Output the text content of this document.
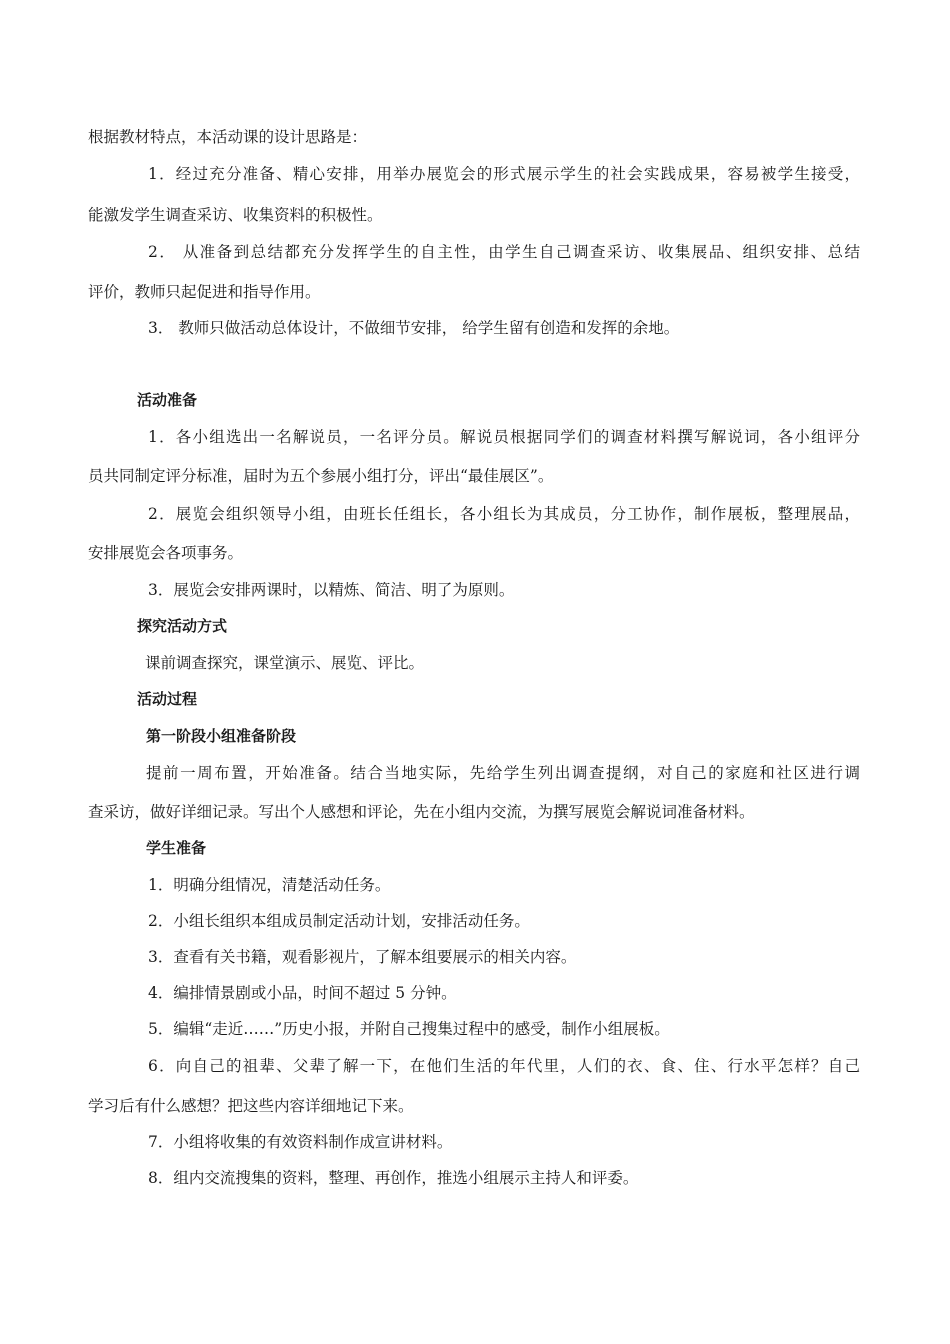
根据教材特点，本活动课的设计思路是：
1．经过充分准备、精心安排，用举办展览会的形式展示学生的社会实践成果，容易被学生接受，
能激发学生调查采访、收集资料的积极性。
2． 从准备到总结都充分发挥学生的自主性，由学生自己调查采访、收集展品、组织安排、总结
评价，教师只起促进和指导作用。
3． 教师只做活动总体设计，不做细节安排， 给学生留有创造和发挥的余地。
活动准备
1．各小组选出一名解说员，一名评分员。解说员根据同学们的调查材料撰写解说词，各小组评分
员共同制定评分标准，届时为五个参展小组打分，评出“最佳展区”。
2．展览会组织领导小组，由班长任组长，各小组长为其成员，分工协作，制作展板，整理展品，
安排展览会各项事务。
3．展览会安排两课时，以精炼、简洁、明了为原则。
探究活动方式
课前调查探究，课堂演示、展览、评比。
活动过程
第一阶段小组准备阶段
提前一周布置，开始准备。结合当地实际，先给学生列出调查提纲，对自己的家庭和社区进行调
查采访，做好详细记录。写出个人感想和评论，先在小组内交流，为撰写展览会解说词准备材料。
学生准备
1．明确分组情况，清楚活动任务。
2．小组长组织本组成员制定活动计划，安排活动任务。
3．查看有关书籍，观看影视片，了解本组要展示的相关内容。
4．编排情景剧或小品，时间不超过 5 分钟。
5．编辑“走近……”历史小报，并附自己搜集过程中的感受，制作小组展板。
6．向自己的祖辈、父辈了解一下，在他们生活的年代里，人们的衣、食、住、行水平怎样？自己
学习后有什么感想？把这些内容详细地记下来。
7．小组将收集的有效资料制作成宣讲材料。
8．组内交流搜集的资料，整理、再创作，推选小组展示主持人和评委。
